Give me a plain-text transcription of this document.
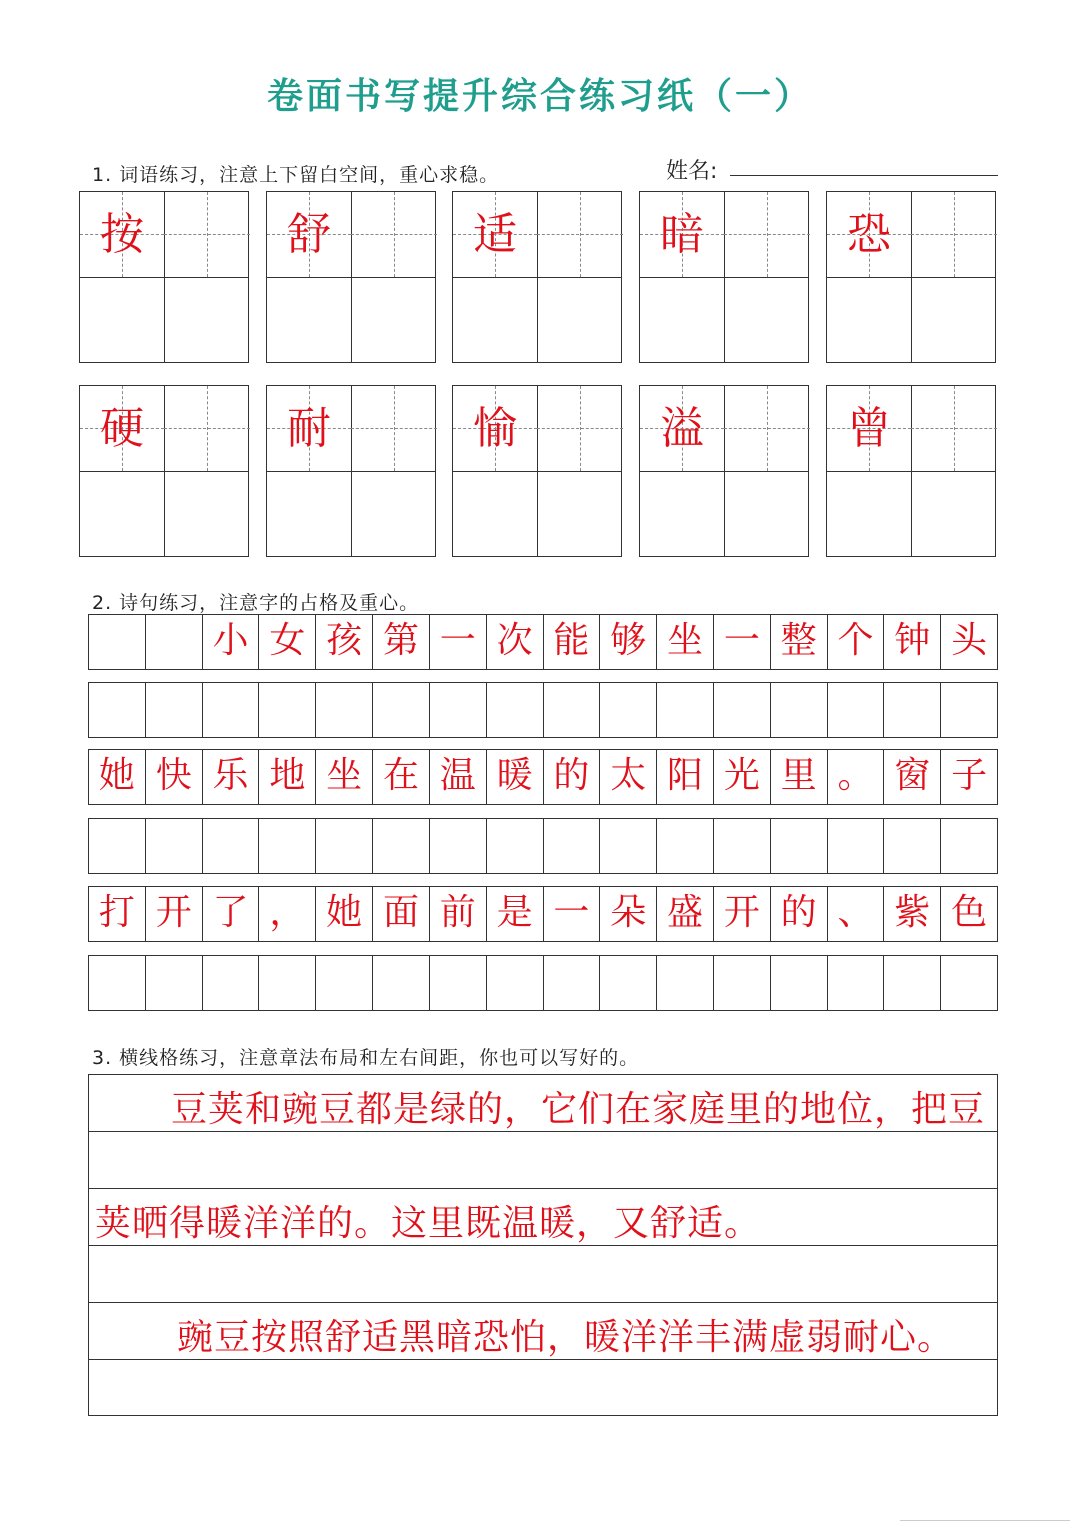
卷面书写提升综合练习纸（一）
1. 词语练习，注意上下留白空间，重心求稳。	姓名:
按	舒	适	暗	恐
硬	耐	愉	溢	曾
2. 诗句练习，注意字的占格及重心。
小 女 孩 第 一 次 能 够 坐 一 整 个 钟 头
她 快 乐 地 坐 在 温 暖 的 太 阳 光 里 。 窗 子
打 开 了 ， 她 面 前 是 一 朵 盛 开 的 、 紫 色
3. 横线格练习，注意章法布局和左右间距，你也可以写好的。
豆荚和豌豆都是绿的，它们在家庭里的地位，把豆
荚晒得暖洋洋的。这里既温暖，又舒适。
豌豆按照舒适黑暗恐怕，暖洋洋丰满虚弱耐心。
